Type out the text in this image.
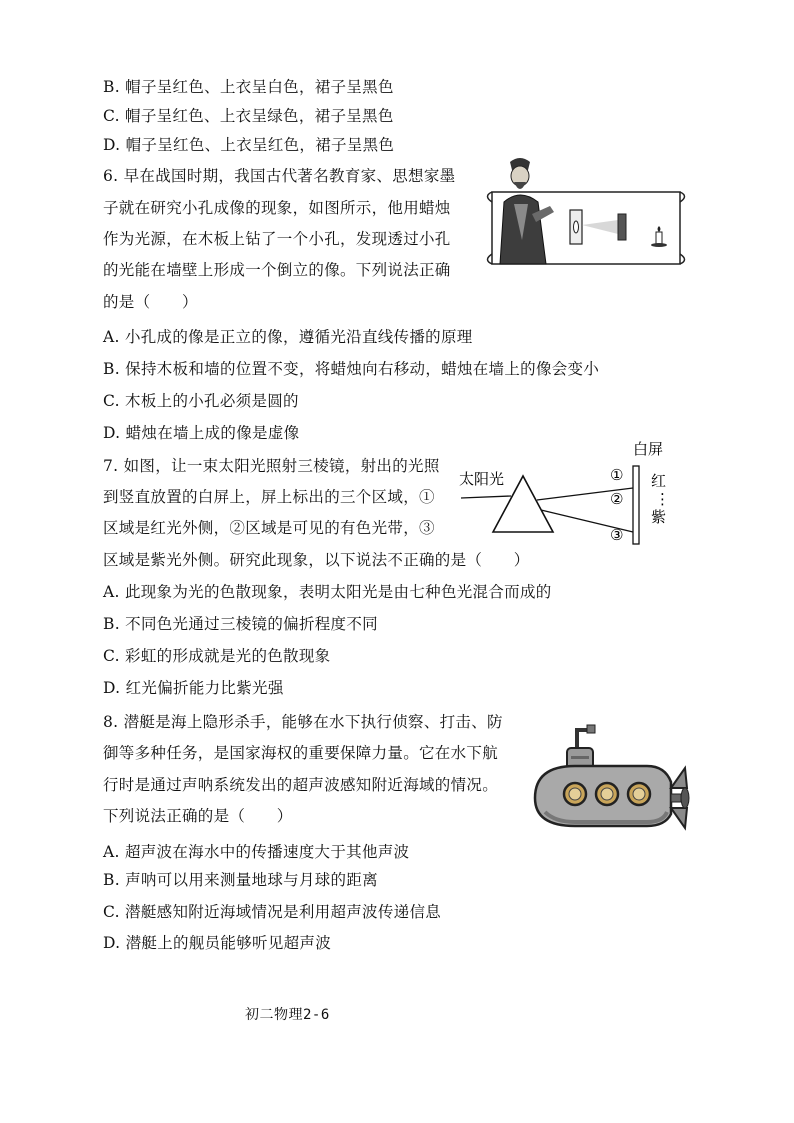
B. 帽子呈红色、上衣呈白色，裙子呈黑色
C. 帽子呈红色、上衣呈绿色，裙子呈黑色
D. 帽子呈红色、上衣呈红色，裙子呈黑色
6. 早在战国时期，我国古代著名教育家、思想家墨
子就在研究小孔成像的现象，如图所示，他用蜡烛
作为光源，在木板上钻了一个小孔，发现透过小孔
的光能在墙壁上形成一个倒立的像。下列说法正确
的是（　　）
A. 小孔成的像是正立的像，遵循光沿直线传播的原理
B. 保持木板和墙的位置不变，将蜡烛向右移动，蜡烛在墙上的像会变小
C. 木板上的小孔必须是圆的
D. 蜡烛在墙上成的像是虚像
7. 如图，让一束太阳光照射三棱镜，射出的光照
到竖直放置的白屏上，屏上标出的三个区域，①
区域是红光外侧，②区域是可见的有色光带，③
区域是紫光外侧。研究此现象，以下说法不正确的是（　　）
白屏
太阳光	①
②
③
红
⋮
紫
A. 此现象为光的色散现象，表明太阳光是由七种色光混合而成的
B. 不同色光通过三棱镜的偏折程度不同
C. 彩虹的形成就是光的色散现象
D. 红光偏折能力比紫光强
8. 潜艇是海上隐形杀手，能够在水下执行侦察、打击、防
御等多种任务，是国家海权的重要保障力量。它在水下航
行时是通过声呐系统发出的超声波感知附近海域的情况。
下列说法正确的是（　　）
A. 超声波在海水中的传播速度大于其他声波
B. 声呐可以用来测量地球与月球的距离
C. 潜艇感知附近海域情况是利用超声波传递信息
D. 潜艇上的舰员能够听见超声波
初二物理2-6
